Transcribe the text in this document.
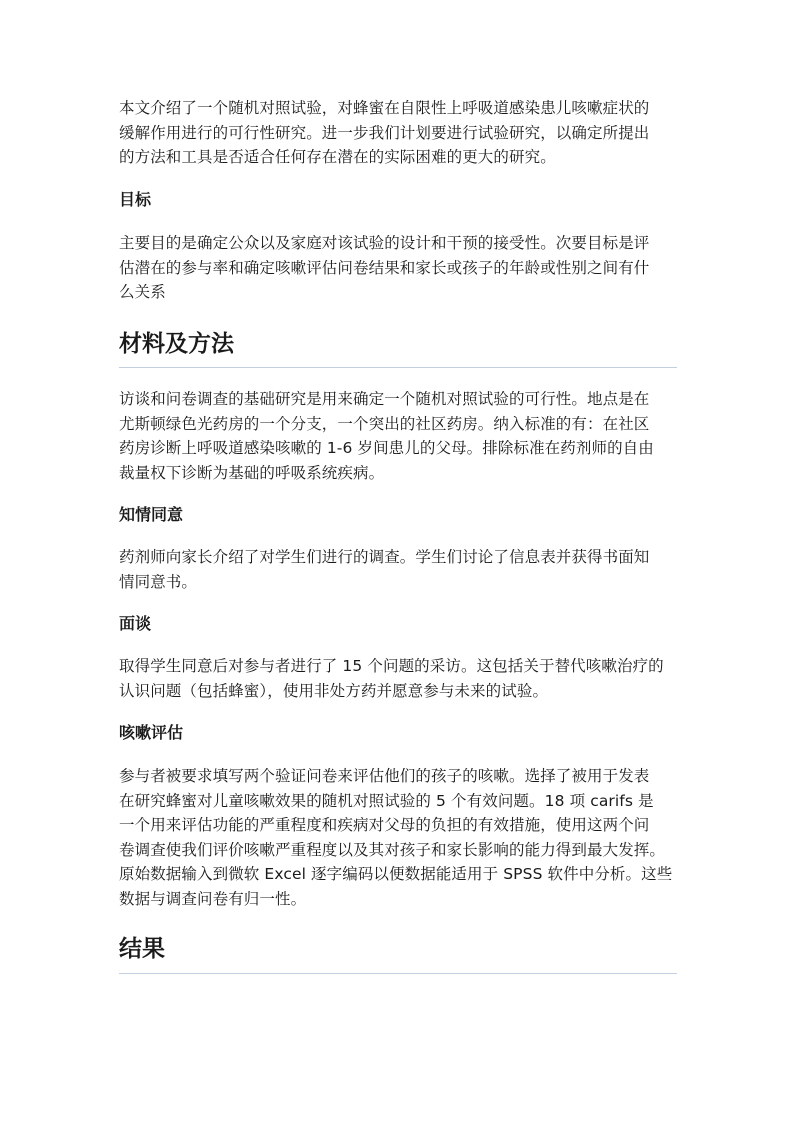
本文介绍了一个随机对照试验，对蜂蜜在自限性上呼吸道感染患儿咳嗽症状的
缓解作用进行的可行性研究。进一步我们计划要进行试验研究，以确定所提出
的方法和工具是否适合任何存在潜在的实际困难的更大的研究。

目标

主要目的是确定公众以及家庭对该试验的设计和干预的接受性。次要目标是评
估潜在的参与率和确定咳嗽评估问卷结果和家长或孩子的年龄或性别之间有什
么关系

材料及方法

访谈和问卷调查的基础研究是用来确定一个随机对照试验的可行性。地点是在
尤斯顿绿色光药房的一个分支，一个突出的社区药房。纳入标准的有：在社区
药房诊断上呼吸道感染咳嗽的 1-6 岁间患儿的父母。排除标准在药剂师的自由
裁量权下诊断为基础的呼吸系统疾病。

知情同意

药剂师向家长介绍了对学生们进行的调查。学生们讨论了信息表并获得书面知
情同意书。

面谈

取得学生同意后对参与者进行了 15 个问题的采访。这包括关于替代咳嗽治疗的
认识问题（包括蜂蜜），使用非处方药并愿意参与未来的试验。

咳嗽评估

参与者被要求填写两个验证问卷来评估他们的孩子的咳嗽。选择了被用于发表
在研究蜂蜜对儿童咳嗽效果的随机对照试验的 5 个有效问题。18 项 carifs 是
一个用来评估功能的严重程度和疾病对父母的负担的有效措施，使用这两个问
卷调查使我们评价咳嗽严重程度以及其对孩子和家长影响的能力得到最大发挥。
原始数据输入到微软 Excel 逐字编码以便数据能适用于 SPSS 软件中分析。这些
数据与调查问卷有归一性。

结果
